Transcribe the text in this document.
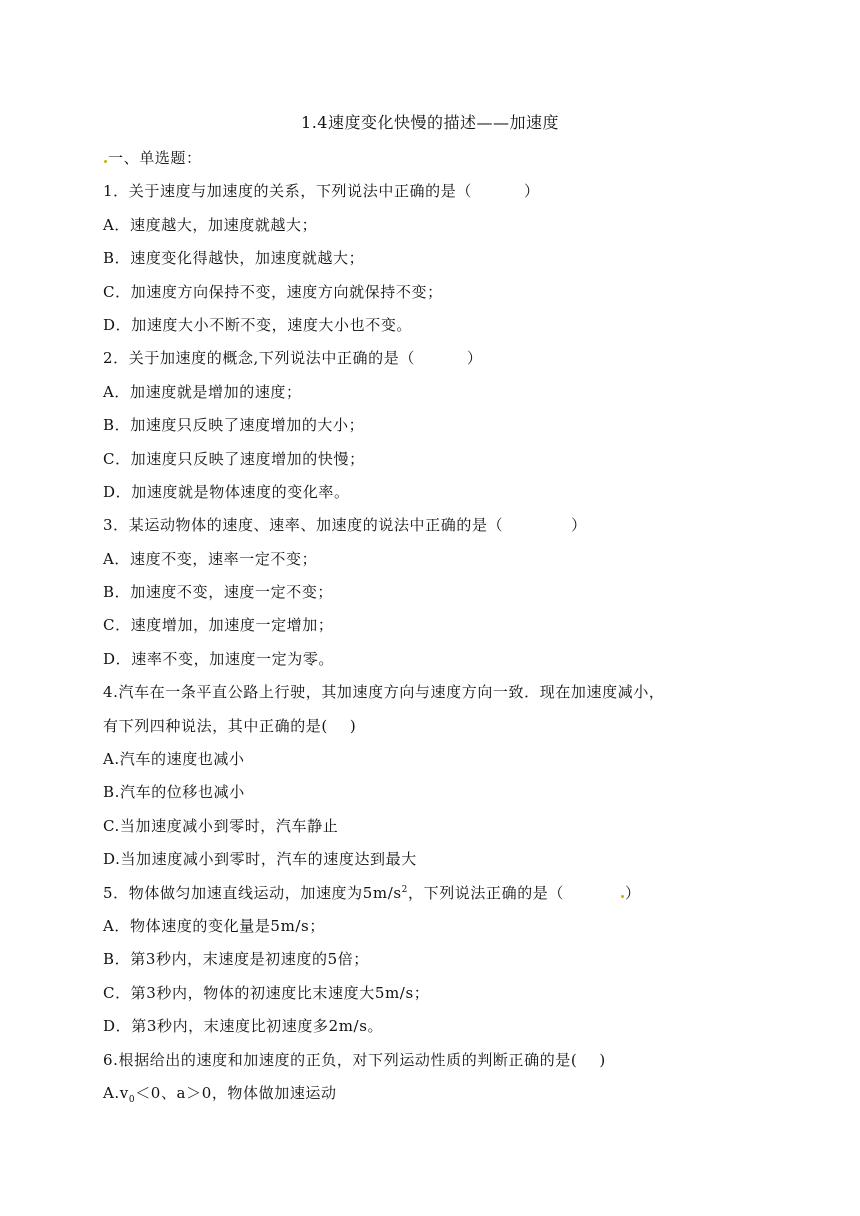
1.4速度变化快慢的描述——加速度
一、单选题：
1．关于速度与加速度的关系，下列说法中正确的是（	）
A．速度越大，加速度就越大；
B．速度变化得越快，加速度就越大；
C．加速度方向保持不变，速度方向就保持不变；
D．加速度大小不断不变，速度大小也不变。
2．关于加速度的概念,下列说法中正确的是（	）
A．加速度就是增加的速度；
B．加速度只反映了速度增加的大小；
C．加速度只反映了速度增加的快慢；
D．加速度就是物体速度的变化率。
3．某运动物体的速度、速率、加速度的说法中正确的是（	）
A．速度不变，速率一定不变；
B．加速度不变，速度一定不变；
C．速度增加，加速度一定增加；
D．速率不变，加速度一定为零。
4.汽车在一条平直公路上行驶，其加速度方向与速度方向一致．现在加速度减小，
有下列四种说法，其中正确的是( )
A.汽车的速度也减小
B.汽车的位移也减小
C.当加速度减小到零时，汽车静止
D.当加速度减小到零时，汽车的速度达到最大
5．物体做匀加速直线运动，加速度为$5m/s^2$，下列说法正确的是（	）
A．物体速度的变化量是5m/s；
B．第3秒内，末速度是初速度的5倍；
C．第3秒内，物体的初速度比末速度大5m/s；
D．第3秒内，末速度比初速度多2m/s。
6.根据给出的速度和加速度的正负，对下列运动性质的判断正确的是( )
$A.v_0<0$、a＞0，物体做加速运动
